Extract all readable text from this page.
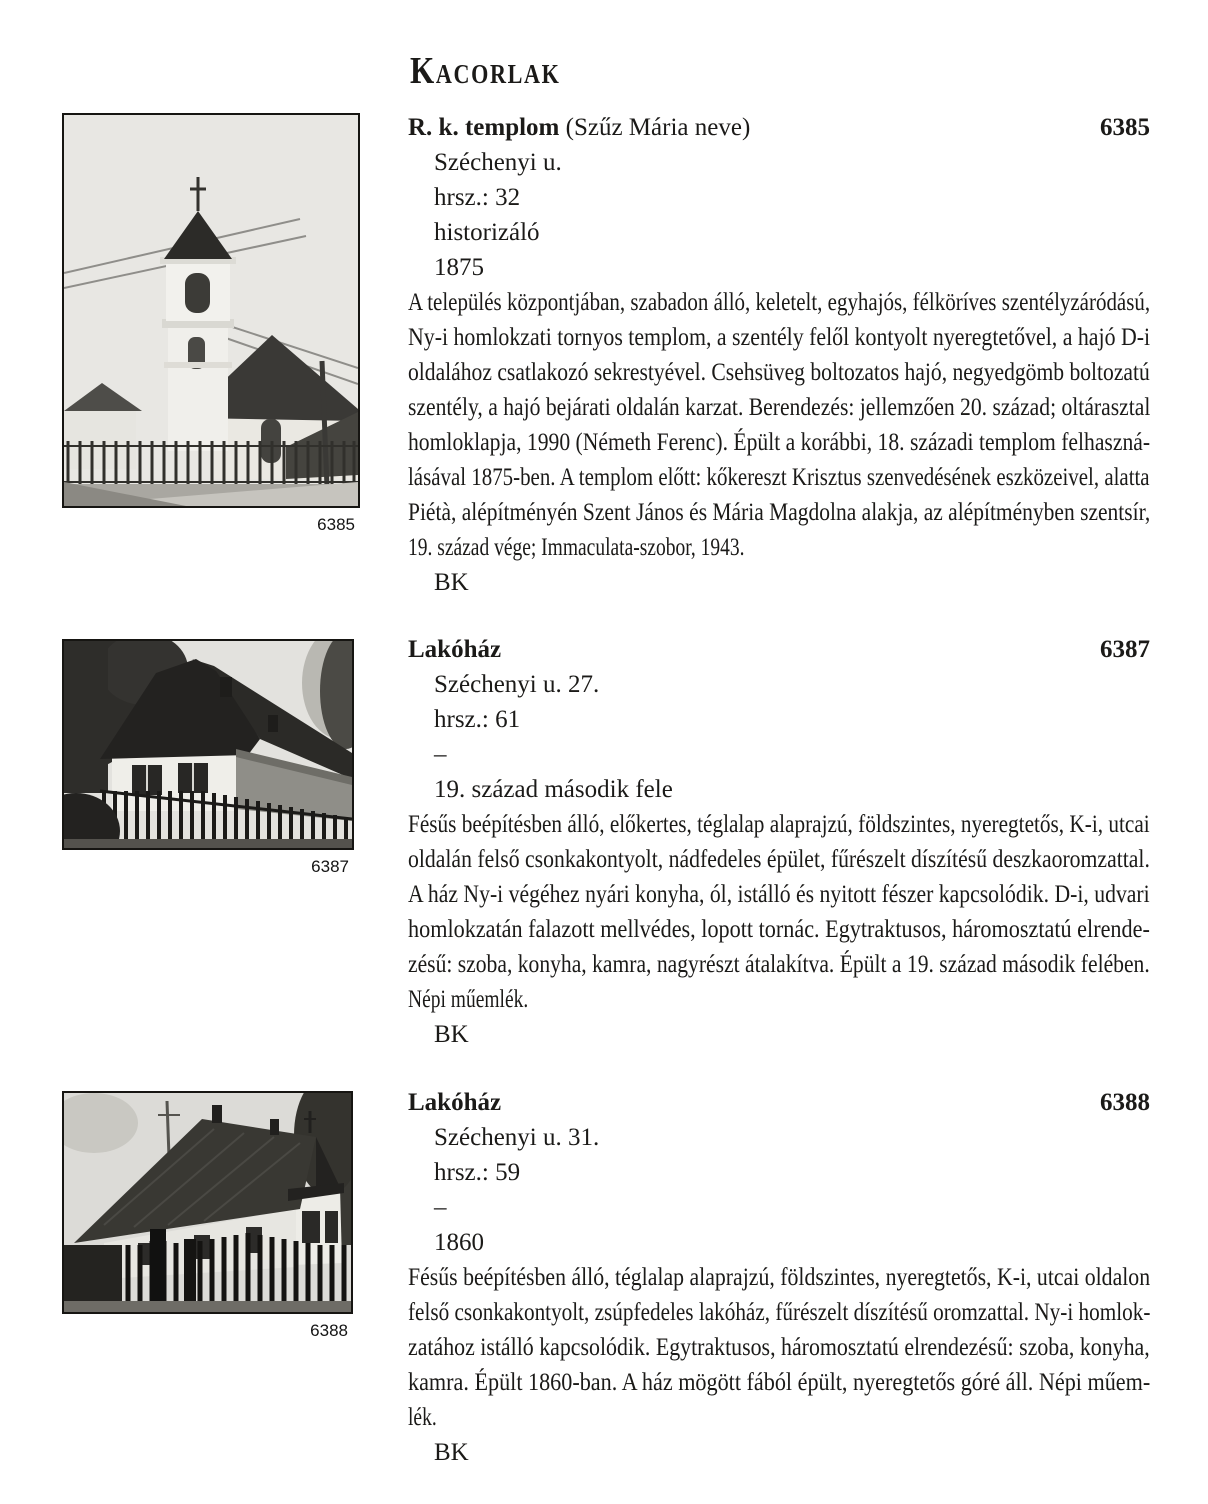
Kacorlak
6385
6387
6388
R. k. templom (Szűz Mária neve)	6385
Széchenyi u.
hrsz.: 32
historizáló
1875
A település központjában, szabadon álló, keletelt, egyhajós, félköríves szentélyzáródású,
Ny-i homlokzati tornyos templom, a szentély felől kontyolt nyeregtetővel, a hajó D-i
oldalához csatlakozó sekrestyével. Csehsüveg boltozatos hajó, negyedgömb boltozatú
szentély, a hajó bejárati oldalán karzat. Berendezés: jellemzően 20. század; oltárasztal
homloklapja, 1990 (Németh Ferenc). Épült a korábbi, 18. századi templom felhaszná-
lásával 1875-ben. A templom előtt: kőkereszt Krisztus szenvedésének eszközeivel, alatta
Piétà, alépítményén Szent János és Mária Magdolna alakja, az alépítményben szentsír,
19. század vége; Immaculata-szobor, 1943.
BK
Lakóház	6387
Széchenyi u. 27.
hrsz.: 61
–
19. század második fele
Fésűs beépítésben álló, előkertes, téglalap alaprajzú, földszintes, nyeregtetős, K-i, utcai
oldalán felső csonkakontyolt, nádfedeles épület, fűrészelt díszítésű deszkaoromzattal.
A ház Ny-i végéhez nyári konyha, ól, istálló és nyitott fészer kapcsolódik. D-i, udvari
homlokzatán falazott mellvédes, lopott tornác. Egytraktusos, háromosztatú elrende-
zésű: szoba, konyha, kamra, nagyrészt átalakítva. Épült a 19. század második felében.
Népi műemlék.
BK
Lakóház	6388
Széchenyi u. 31.
hrsz.: 59
–
1860
Fésűs beépítésben álló, téglalap alaprajzú, földszintes, nyeregtetős, K-i, utcai oldalon
felső csonkakontyolt, zsúpfedeles lakóház, fűrészelt díszítésű oromzattal. Ny-i homlok-
zatához istálló kapcsolódik. Egytraktusos, háromosztatú elrendezésű: szoba, konyha,
kamra. Épült 1860-ban. A ház mögött fából épült, nyeregtetős góré áll. Népi műem-
lék.
BK
